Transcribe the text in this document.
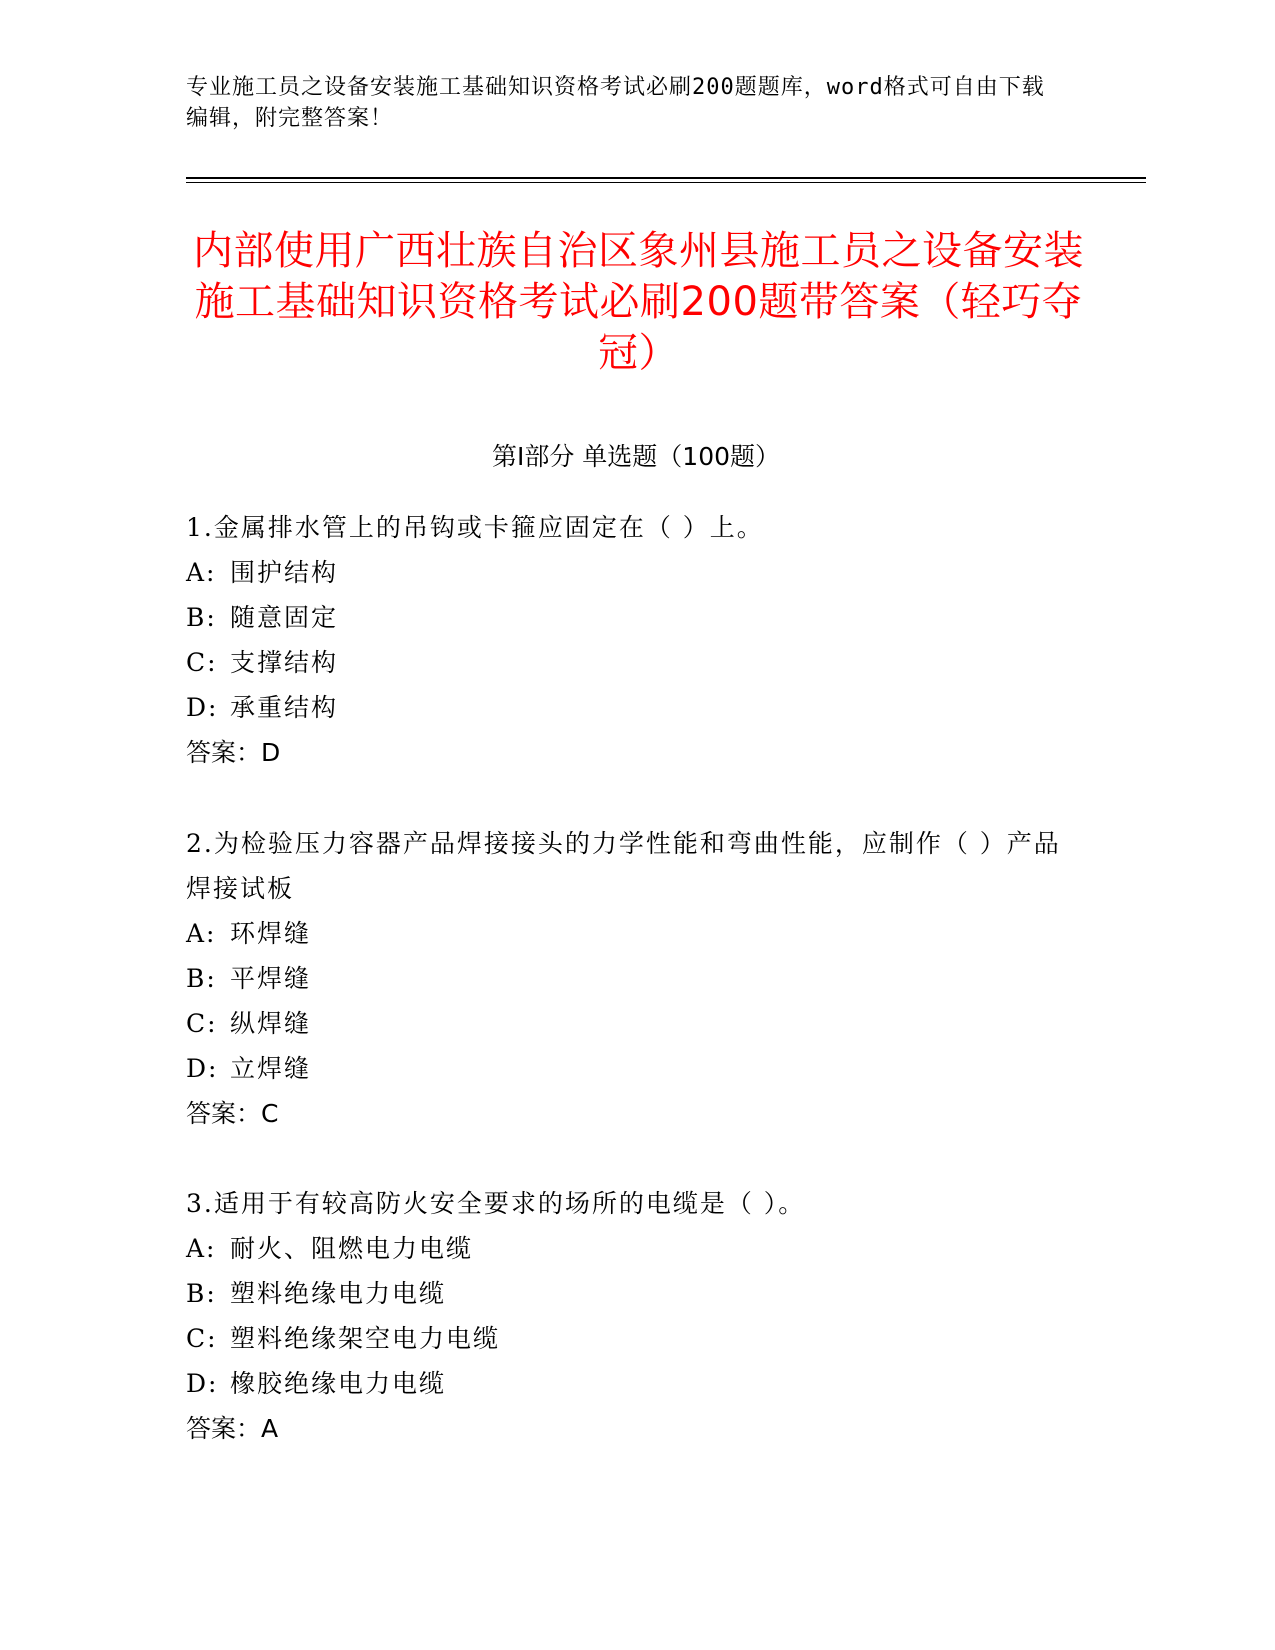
专业施工员之设备安装施工基础知识资格考试必刷200题题库，word格式可自由下载编辑，附完整答案！
内部使用广西壮族自治区象州县施工员之设备安装施工基础知识资格考试必刷200题带答案（轻巧夺冠）
第I部分 单选题（100题）
1.金属排水管上的吊钩或卡箍应固定在（ ）上。
A: 围护结构
B: 随意固定
C: 支撑结构
D: 承重结构
答案：D
2.为检验压力容器产品焊接接头的力学性能和弯曲性能，应制作（ ）产品焊接试板
A: 环焊缝
B: 平焊缝
C: 纵焊缝
D: 立焊缝
答案：C
3.适用于有较高防火安全要求的场所的电缆是（ ）。
A: 耐火、阻燃电力电缆
B: 塑料绝缘电力电缆
C: 塑料绝缘架空电力电缆
D: 橡胶绝缘电力电缆
答案：A
